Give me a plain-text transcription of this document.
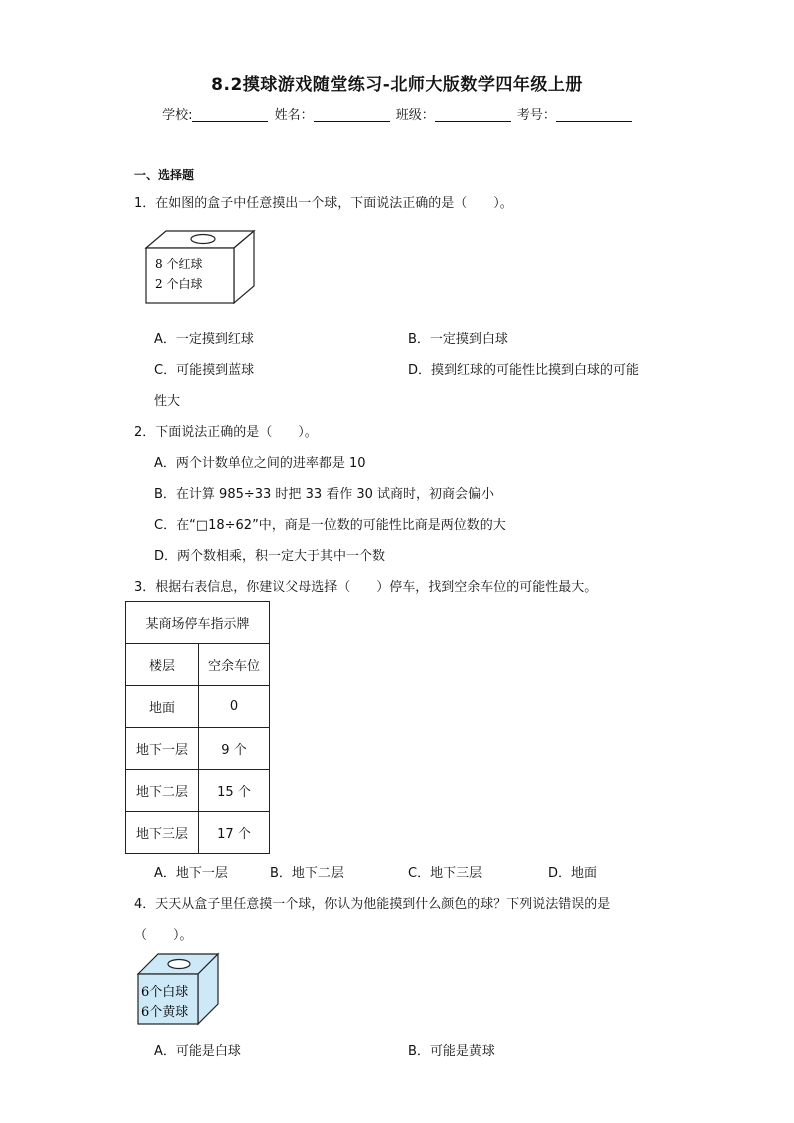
8.2摸球游戏随堂练习-北师大版数学四年级上册
学校:	姓名：	班级：	考号：
一、选择题
1．在如图的盒子中任意摸出一个球，下面说法正确的是（　　）。
8 个红球
2 个白球
A．一定摸到红球	B．一定摸到白球
C．可能摸到蓝球	D．摸到红球的可能性比摸到白球的可能
性大
2．下面说法正确的是（　　）。
A．两个计数单位之间的进率都是 10
B．在计算 985÷33 时把 33 看作 30 试商时，初商会偏小
C．在“□18÷62”中，商是一位数的可能性比商是两位数的大
D．两个数相乘，积一定大于其中一个数
3．根据右表信息，你建议父母选择（　　）停车，找到空余车位的可能性最大。
某商场停车指示牌	
楼层	空余车位
地面	0
地下一层	9 个
地下二层	15 个
地下三层	17 个
A．地下一层	B．地下二层	C．地下三层	D．地面
4．天天从盒子里任意摸一个球，你认为他能摸到什么颜色的球？下列说法错误的是
（　　）。
6个白球
6个黄球
A．可能是白球	B．可能是黄球
